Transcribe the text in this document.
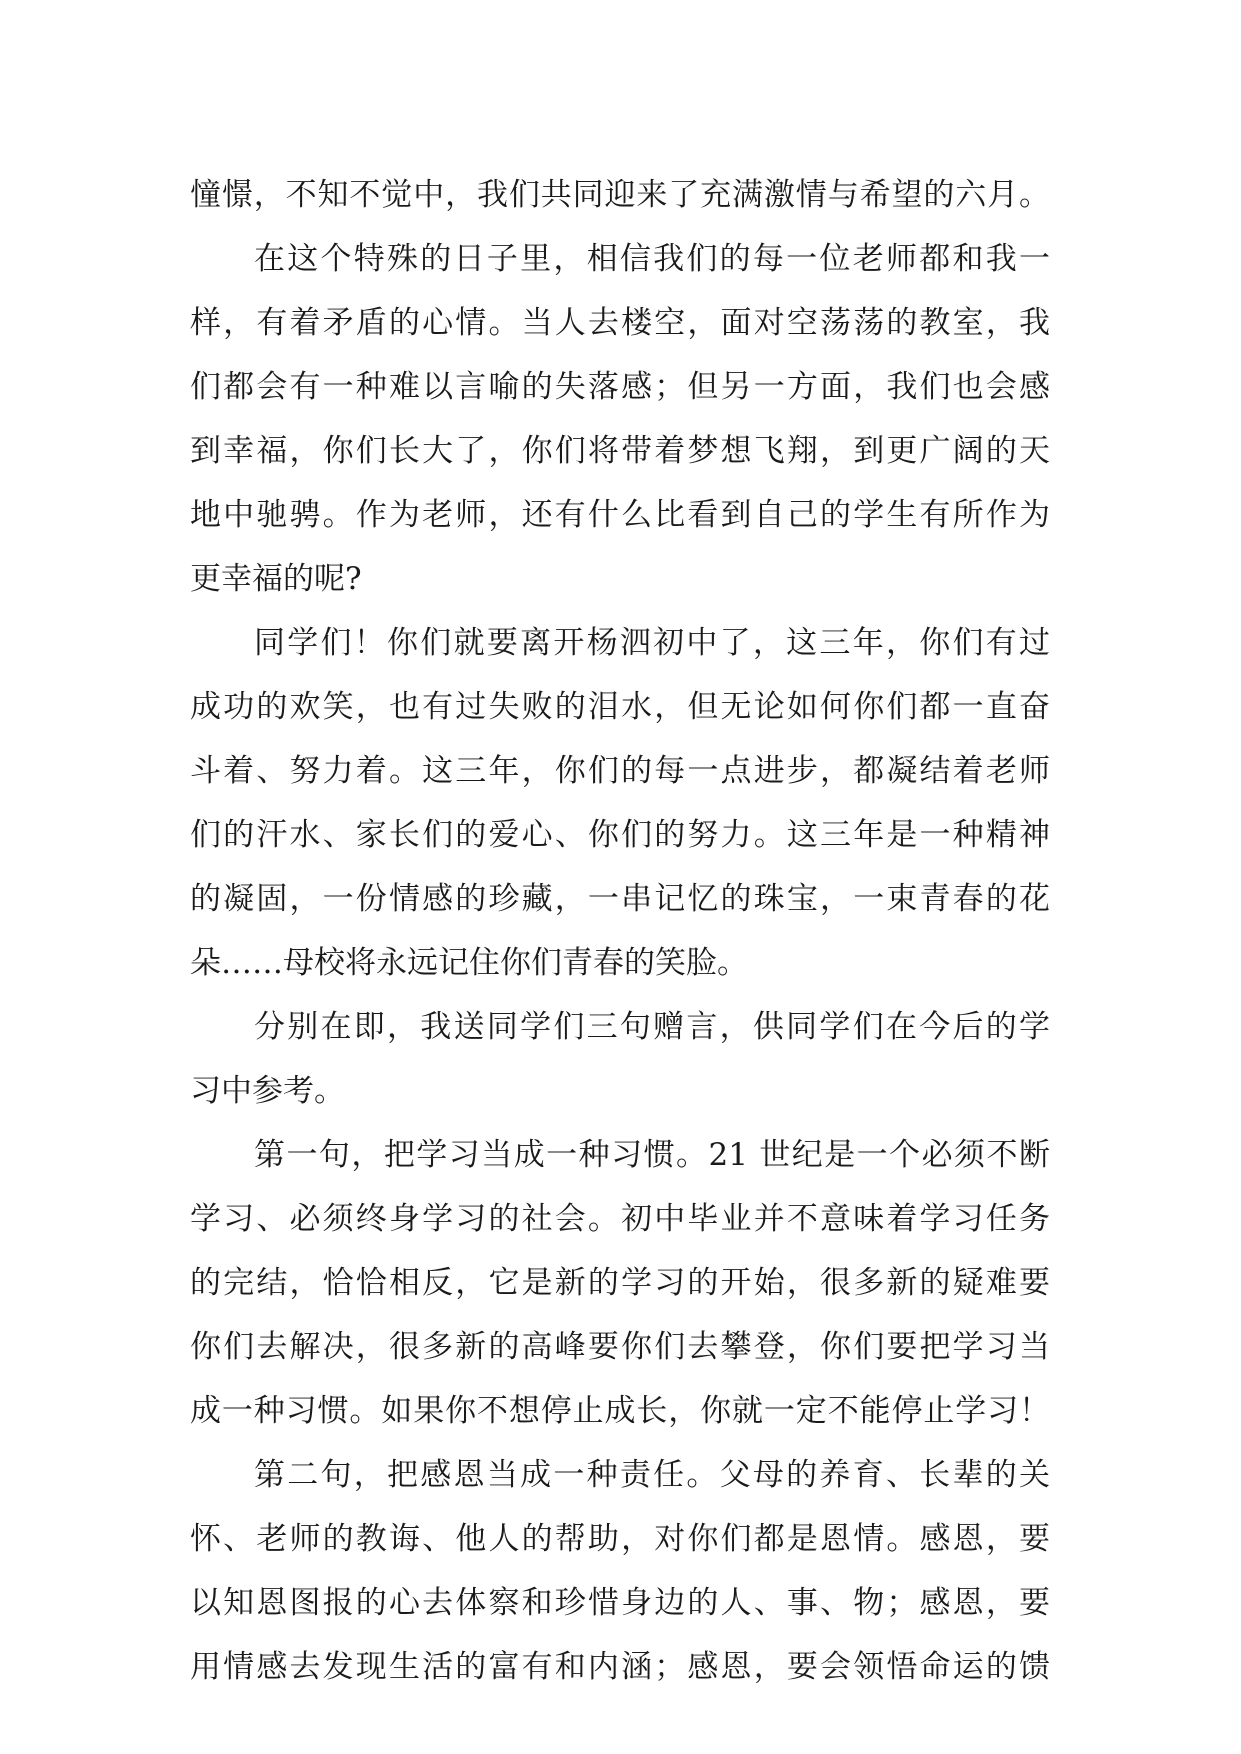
憧憬，不知不觉中，我们共同迎来了充满激情与希望的六月。
在这个特殊的日子里，相信我们的每一位老师都和我一
样，有着矛盾的心情。当人去楼空，面对空荡荡的教室，我
们都会有一种难以言喻的失落感；但另一方面，我们也会感
到幸福，你们长大了，你们将带着梦想飞翔，到更广阔的天
地中驰骋。作为老师，还有什么比看到自己的学生有所作为
更幸福的呢?
同学们！你们就要离开杨泗初中了，这三年，你们有过
成功的欢笑，也有过失败的泪水，但无论如何你们都一直奋
斗着、努力着。这三年，你们的每一点进步，都凝结着老师
们的汗水、家长们的爱心、你们的努力。这三年是一种精神
的凝固，一份情感的珍藏，一串记忆的珠宝，一束青春的花
朵……母校将永远记住你们青春的笑脸。
分别在即，我送同学们三句赠言，供同学们在今后的学
习中参考。
第一句，把学习当成一种习惯。21 世纪是一个必须不断
学习、必须终身学习的社会。初中毕业并不意味着学习任务
的完结，恰恰相反，它是新的学习的开始，很多新的疑难要
你们去解决，很多新的高峰要你们去攀登，你们要把学习当
成一种习惯。如果你不想停止成长，你就一定不能停止学习！
第二句，把感恩当成一种责任。父母的养育、长辈的关
怀、老师的教诲、他人的帮助，对你们都是恩情。感恩，要
以知恩图报的心去体察和珍惜身边的人、事、物；感恩，要
用情感去发现生活的富有和内涵；感恩，要会领悟命运的馈
